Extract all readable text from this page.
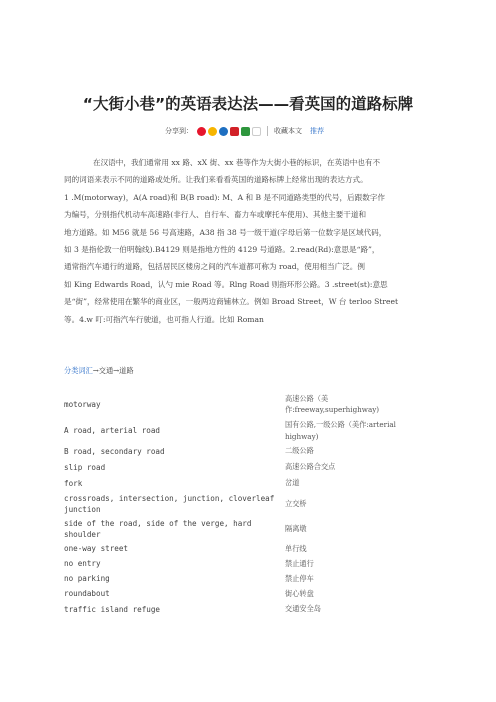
“大街小巷”的英语表达法——看英国的道路标牌
分享到：	收藏本文 推荐
在汉语中，我们通常用 xx 路、xX 街、xx 巷等作为大街小巷的标识，在英语中也有不
同的词语来表示不同的道路或处所。让我们来看看英国的道路标牌上经常出现的表达方式。
1 .M(motorway)，A(A road)和 B(B road): M、A 和 B 是不同道路类型的代号，后跟数字作
为编号，分别指代机动车高速路(非行人、自行车、畜力车或摩托车使用)、其他主要干道和
地方道路。如 M56 就是 56 号高速路，A38 指 38 号一级干道(字母后第一位数字是区域代码，
如 3 是指伦敦一伯明翰线).B4129 则是指地方性的 4129 号道路。2.read(Rd):意思是“路”，
通常指汽车通行的道路，包括居民区楼房之间的汽车道都可称为 road，使用相当广泛。例
如 King Edwards Road，认勺 mie Road 等。Rlng Road 则指环形公路。3 .street(st):意思
是“街”，经常使用在繁华的商业区，一般两边商铺林立。例如 Broad Street，W 台 terloo Street
等。4.w 叮:可指汽车行驶道，也可指人行道。比如 Roman
分类词汇→交通→道路
motorway	高速公路（美
作:freeway,superhighway)
A road, arterial road	国有公路,一级公路（美作:arterial
highway)
B road, secondary road	二级公路
slip road	高速公路合交点
fork	岔道
crossroads, intersection, junction, cloverleaf
junction	立交桥
side of the road, side of the verge, hard
shoulder	隔离墩
one-way street	单行线
no entry	禁止通行
no parking	禁止停车
roundabout	街心转盘
traffic island refuge	交通安全岛
